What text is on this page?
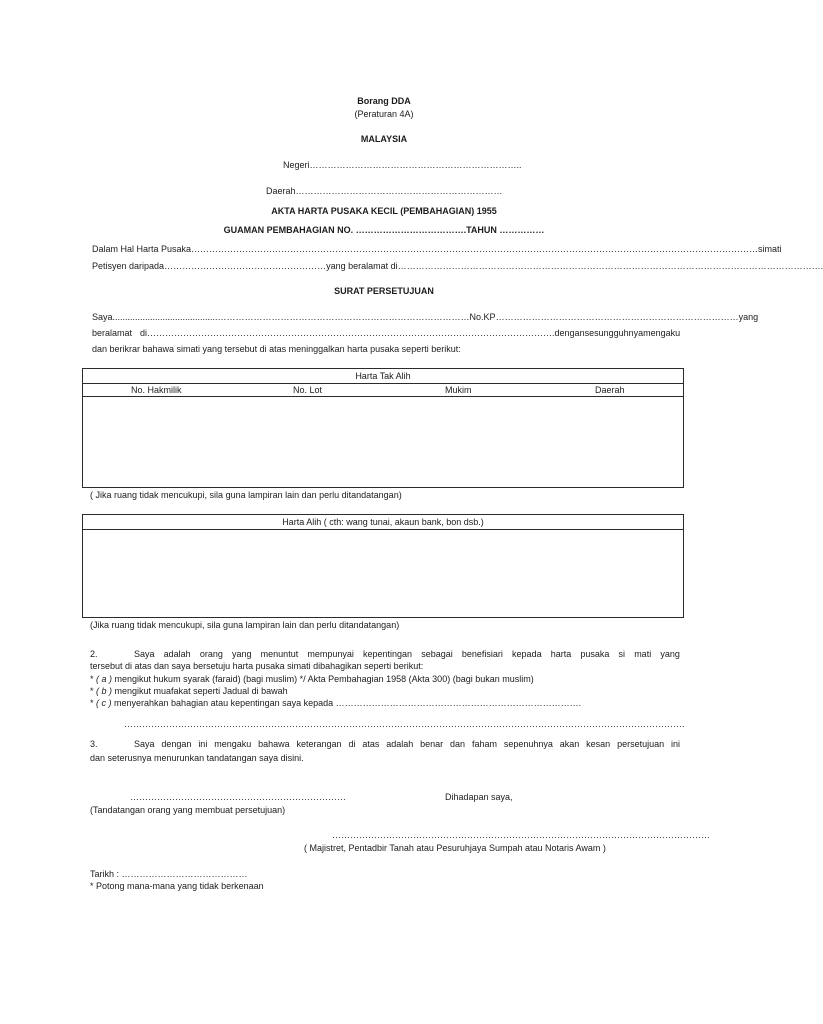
Borang DDA
(Peraturan 4A)
MALAYSIA
Negeri……………………………………………………………..
Daerah……………………………………………………………
AKTA HARTA PUSAKA KECIL (PEMBAHAGIAN) 1955
GUAMAN PEMBAHAGIAN NO. ……………………………….TAHUN ……………
Dalam Hal Harta Pusaka ……………………………………………………………………………………………………………………………………………………………………… simati
Petisyen daripada………………………………………………yang beralamat di…………………………………………………………………………………………………………………………….
SURAT PERSETUJUAN
Saya ..........................................………………………………………………………………………… No.KP ……………………………………………………………………… yang
beralamat di……………………………………………………………………………………………………………………….dengan sesungguhnya mengaku
dan berikrar bahawa simati yang tersebut di atas meninggalkan harta pusaka seperti berikut:
Harta Tak Alih
No. Hakmilik	No. Lot	Mukim	Daerah
( Jika ruang tidak mencukupi, sila guna lampiran lain dan perlu ditandatangan)
Harta Alih ( cth: wang tunai, akaun bank, bon dsb.)
(Jika ruang tidak mencukupi, sila guna lampiran lain dan perlu ditandatangan)
2.	Saya adalah orang yang menuntut mempunyai kepentingan sebagai benefisiari kepada harta pusaka si mati yang
tersebut di atas dan saya bersetuju harta pusaka simati dibahagikan seperti berikut:
* ( a ) mengikut hukum syarak (faraid) (bagi muslim) */ Akta Pembahagian 1958 (Akta 300) (bagi bukan muslim)
* ( b ) mengikut muafakat seperti Jadual di bawah
* ( c ) menyerahkan bahagian atau kepentingan saya kepada ……………………………………………………………………….
…………………………………………………………………………………………………………………………………………………………………….
3.	Saya dengan ini mengaku bahawa keterangan di atas adalah benar dan faham sepenuhnya akan kesan persetujuan ini
dan seterusnya menurunkan tandatangan saya disini.
………………………………………………………………	Dihadapan saya,
(Tandatangan orang yang membuat persetujuan)
………………………………………………………………………………………………………………
( Majistret, Pentadbir Tanah atau Pesuruhjaya Sumpah atau Notaris Awam )
Tarikh : ……………………………………
* Potong mana-mana yang tidak berkenaan
